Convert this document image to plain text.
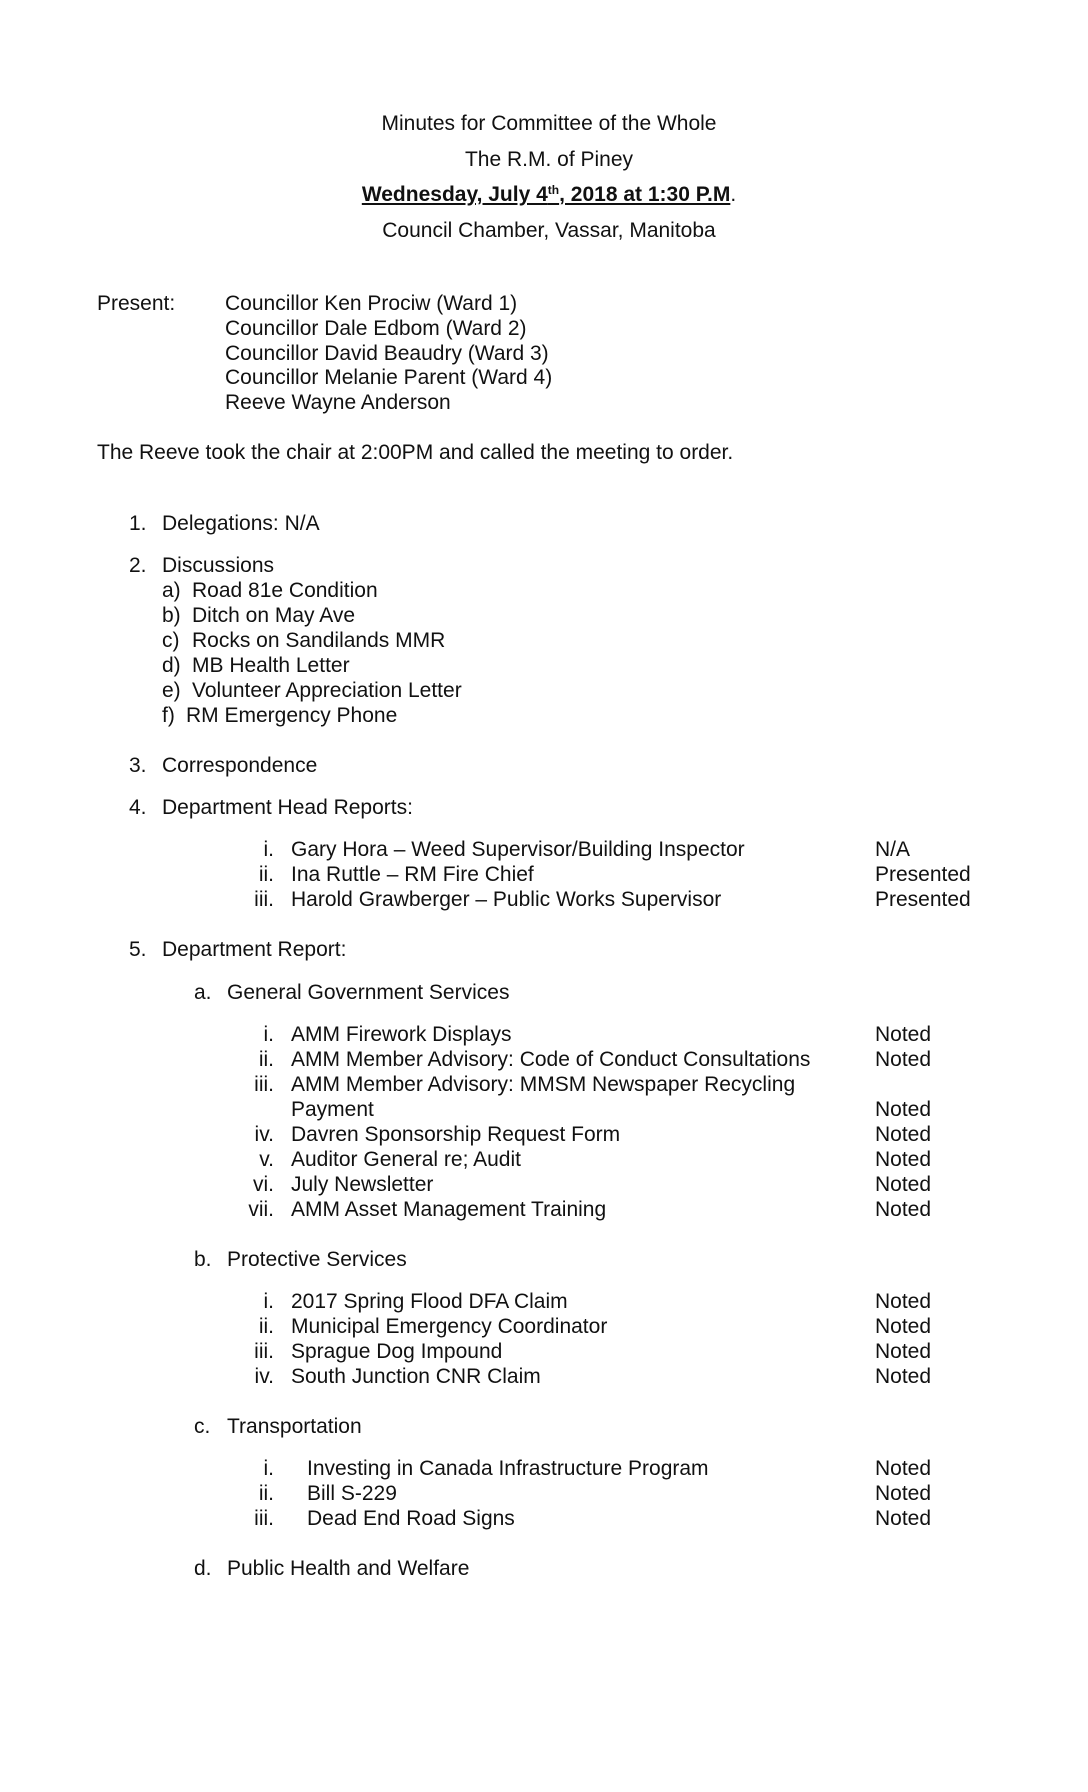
Minutes for Committee of the Whole
The R.M. of Piney
Wednesday, July 4th, 2018 at 1:30 P.M.
Council Chamber, Vassar, Manitoba
Present: Councillor Ken Prociw (Ward 1)
Councillor Dale Edbom (Ward 2)
Councillor David Beaudry (Ward 3)
Councillor Melanie Parent (Ward 4)
Reeve Wayne Anderson
The Reeve took the chair at 2:00PM and called the meeting to order.
1. Delegations: N/A
2. Discussions
a) Road 81e Condition
b) Ditch on May Ave
c) Rocks on Sandilands MMR
d) MB Health Letter
e) Volunteer Appreciation Letter
f) RM Emergency Phone
3. Correspondence
4. Department Head Reports:
i. Gary Hora – Weed Supervisor/Building Inspector	N/A
ii. Ina Ruttle – RM Fire Chief	Presented
iii. Harold Grawberger – Public Works Supervisor	Presented
5. Department Report:
a. General Government Services
i. AMM Firework Displays	Noted
ii. AMM Member Advisory: Code of Conduct Consultations	Noted
iii. AMM Member Advisory: MMSM Newspaper Recycling
Payment	Noted
iv. Davren Sponsorship Request Form	Noted
v. Auditor General re; Audit	Noted
vi. July Newsletter	Noted
vii. AMM Asset Management Training	Noted
b. Protective Services
i. 2017 Spring Flood DFA Claim	Noted
ii. Municipal Emergency Coordinator	Noted
iii. Sprague Dog Impound	Noted
iv. South Junction CNR Claim	Noted
c. Transportation
i. Investing in Canada Infrastructure Program	Noted
ii. Bill S-229	Noted
iii. Dead End Road Signs	Noted
d. Public Health and Welfare
